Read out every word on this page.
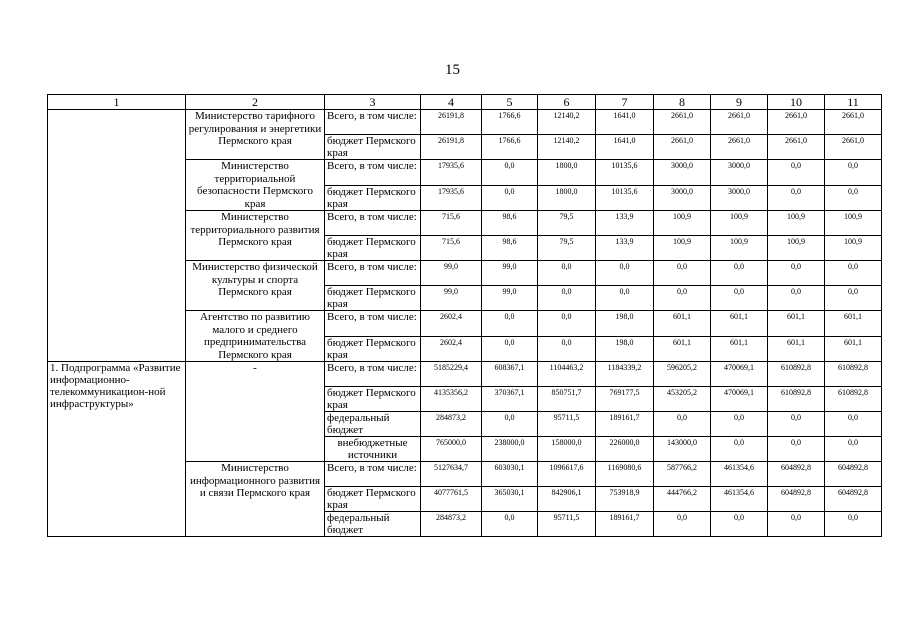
15
1	2	3	4	5	6	7	8	9	10	11
	Министерство тарифного регулирования и энергетики Пермского края	Всего, в том числе:	26191,8	1766,6	12140,2	1641,0	2661,0	2661,0	2661,0	2661,0
		бюджет Пермского края	26191,8	1766,6	12140,2	1641,0	2661,0	2661,0	2661,0	2661,0
	Министерство территориальной безопасности Пермского края	Всего, в том числе:	17935,6	0,0	1800,0	10135,6	3000,0	3000,0	0,0	0,0
		бюджет Пермского края	17935,6	0,0	1800,0	10135,6	3000,0	3000,0	0,0	0,0
	Министерство территориального развития Пермского края	Всего, в том числе:	715,6	98,6	79,5	133,9	100,9	100,9	100,9	100,9
		бюджет Пермского края	715,6	98,6	79,5	133,9	100,9	100,9	100,9	100,9
	Министерство физической культуры и спорта Пермского края	Всего, в том числе:	99,0	99,0	0,0	0,0	0,0	0,0	0,0	0,0
		бюджет Пермского края	99,0	99,0	0,0	0,0	0,0	0,0	0,0	0,0
	Агентство по развитию малого и среднего предпринимательства Пермского края	Всего, в том числе:	2602,4	0,0	0,0	198,0	601,1	601,1	601,1	601,1
		бюджет Пермского края	2602,4	0,0	0,0	198,0	601,1	601,1	601,1	601,1
1. Подпрограмма «Развитие информационно-телекоммуникацион-ной инфраструктуры»	-	Всего, в том числе:	5185229,4	608367,1	1104463,2	1184339,2	596205,2	470069,1	610892,8	610892,8
		бюджет Пермского края	4135356,2	370367,1	850751,7	769177,5	453205,2	470069,1	610892,8	610892,8
		федеральный бюджет	284873,2	0,0	95711,5	189161,7	0,0	0,0	0,0	0,0
		внебюджетные источники	765000,0	238000,0	158000,0	226000,0	143000,0	0,0	0,0	0,0
	Министерство информационного развития и связи Пермского края	Всего, в том числе:	5127634,7	603030,1	1096617,6	1169080,6	587766,2	461354,6	604892,8	604892,8
		бюджет Пермского края	4077761,5	365030,1	842906,1	753918,9	444766,2	461354,6	604892,8	604892,8
		федеральный бюджет	284873,2	0,0	95711,5	189161,7	0,0	0,0	0,0	0,0
